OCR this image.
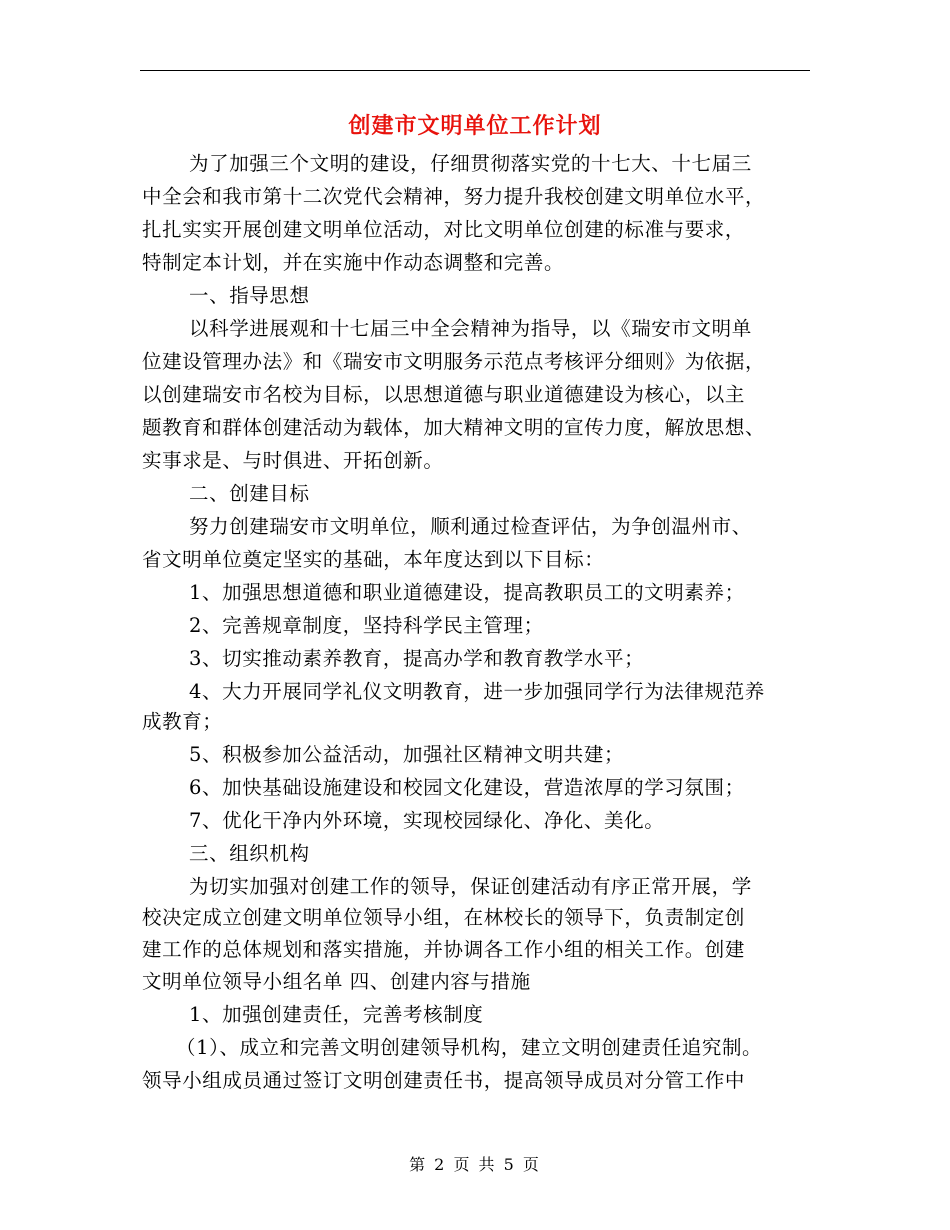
创建市文明单位工作计划
为了加强三个文明的建设，仔细贯彻落实党的十七大、十七届三
中全会和我市第十二次党代会精神，努力提升我校创建文明单位水平，
扎扎实实开展创建文明单位活动，对比文明单位创建的标准与要求，
特制定本计划，并在实施中作动态调整和完善。
一、指导思想
以科学进展观和十七届三中全会精神为指导，以《瑞安市文明单
位建设管理办法》和《瑞安市文明服务示范点考核评分细则》为依据，
以创建瑞安市名校为目标，以思想道德与职业道德建设为核心，以主
题教育和群体创建活动为载体，加大精神文明的宣传力度，解放思想、
实事求是、与时俱进、开拓创新。
二、创建目标
努力创建瑞安市文明单位，顺利通过检查评估，为争创温州市、
省文明单位奠定坚实的基础，本年度达到以下目标：
1、加强思想道德和职业道德建设，提高教职员工的文明素养；
2、完善规章制度，坚持科学民主管理；
3、切实推动素养教育，提高办学和教育教学水平；
4、大力开展同学礼仪文明教育，进一步加强同学行为法律规范养
成教育；
5、积极参加公益活动，加强社区精神文明共建；
6、加快基础设施建设和校园文化建设，营造浓厚的学习氛围；
7、优化干净内外环境，实现校园绿化、净化、美化。
三、组织机构
为切实加强对创建工作的领导，保证创建活动有序正常开展，学
校决定成立创建文明单位领导小组，在林校长的领导下，负责制定创
建工作的总体规划和落实措施，并协调各工作小组的相关工作。创建
文明单位领导小组名单 四、创建内容与措施
1、加强创建责任，完善考核制度
（1）、成立和完善文明创建领导机构，建立文明创建责任追究制。
领导小组成员通过签订文明创建责任书，提高领导成员对分管工作中
第 2 页 共 5 页
